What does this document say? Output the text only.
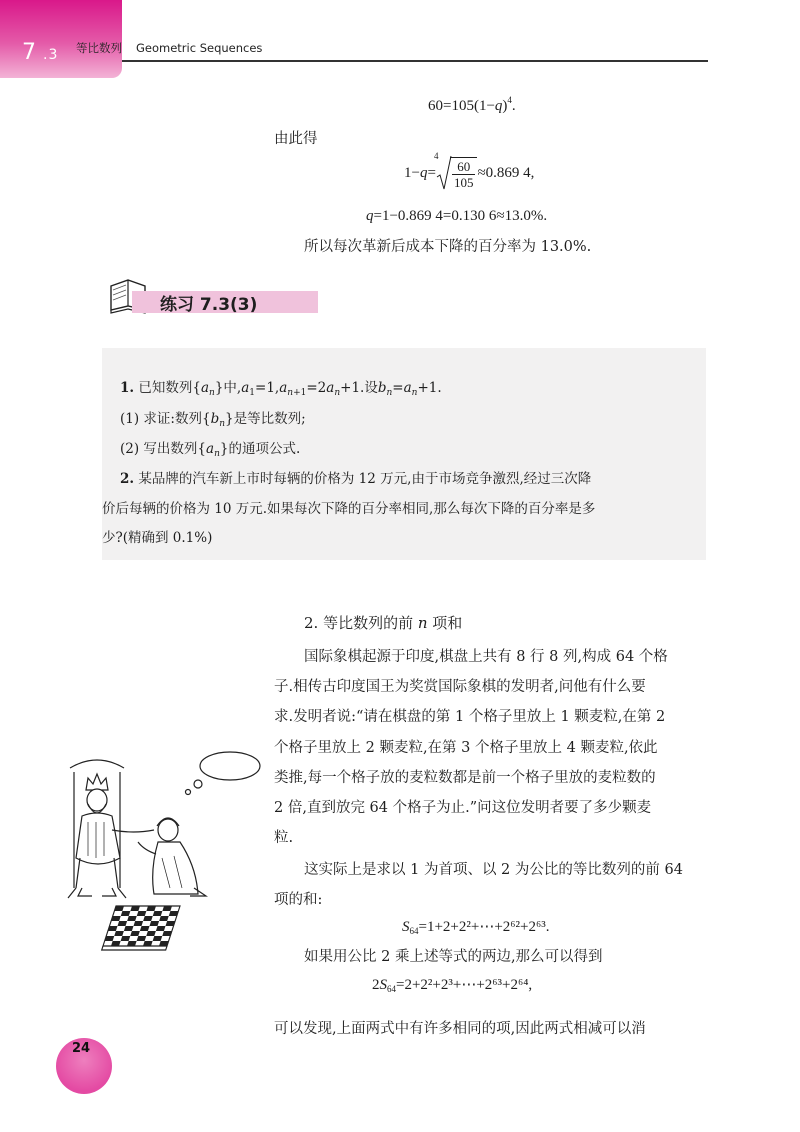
7 .3 等比数列 Geometric Sequences
$60=105(1-q)^4$.
由此得
1−q=
4
$\frac{60}{105} \approx 0.869$ 4,
q=1−0.869 4=0.130 6≈13.0%.
所以每次革新后成本下降的百分率为 13.0%.
练习 7.3(3)
1. 已知数列$\{a_n\}$中$,a_1=1,a_{n+1}=2a_n+1$.设$b_n=a_n+1$.
(1) 求证:数列$\{b_n\}$是等比数列;
(2) 写出数列$\{a_n\}$的通项公式.
2. 某品牌的汽车新上市时每辆的价格为 12 万元,由于市场竞争激烈,经过三次降
价后每辆的价格为 10 万元.如果每次下降的百分率相同,那么每次下降的百分率是多
少?(精确到 0.1%)
2. 等比数列的前 n 项和
国际象棋起源于印度,棋盘上共有 8 行 8 列,构成 64 个格
子.相传古印度国王为奖赏国际象棋的发明者,问他有什么要
求.发明者说:“请在棋盘的第 1 个格子里放上 1 颗麦粒,在第 2
个格子里放上 2 颗麦粒,在第 3 个格子里放上 4 颗麦粒,依此
类推,每一个格子放的麦粒数都是前一个格子里放的麦粒数的
2 倍,直到放完 64 个格子为止.”问这位发明者要了多少颗麦
粒.
这实际上是求以 1 为首项、以 2 为公比的等比数列的前 64
项的和:
$S_{64}=1+2+2^2+\cdots+2^{62}+2^{63}$.
如果用公比 2 乘上述等式的两边,那么可以得到
$2S_{64}=2+2^2+2^3+\cdots+2^{63}+2^{64}$,
可以发现,上面两式中有许多相同的项,因此两式相减可以消
24
